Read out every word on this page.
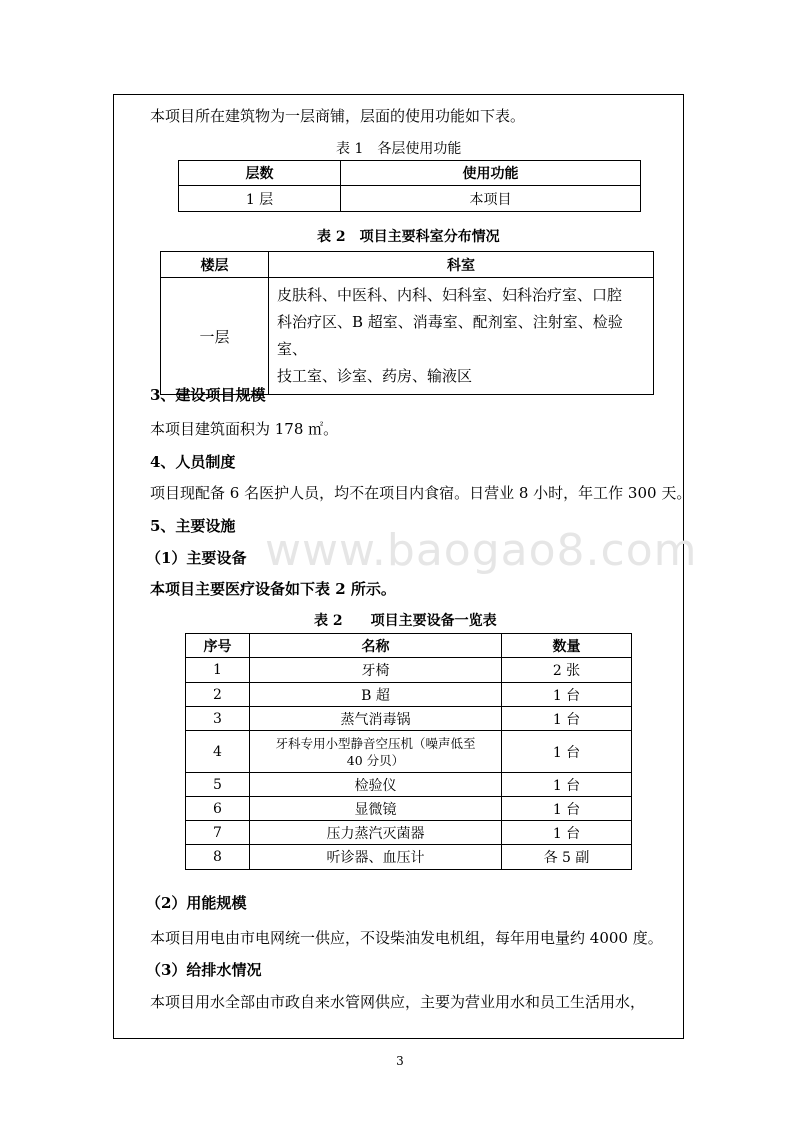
www.baogao8.com
本项目所在建筑物为一层商铺，层面的使用功能如下表。
表 1　各层使用功能
层数	使用功能
1 层	本项目
表 2　项目主要科室分布情况
楼层	科室
一层	皮肤科、中医科、内科、妇科室、妇科治疗室、口腔
科治疗区、B 超室、消毒室、配剂室、注射室、检验室、
技工室、诊室、药房、输液区
3、建设项目规模
本项目建筑面积为 178 ㎡。
4、人员制度
项目现配备 6 名医护人员，均不在项目内食宿。日营业 8 小时，年工作 300 天。
5、主要设施
（1）主要设备
本项目主要医疗设备如下表 2 所示。
表 2　　项目主要设备一览表
序号	名称	数量
1	牙椅	2 张
2	B 超	1 台
3	蒸气消毒锅	1 台
4	牙科专用小型静音空压机（噪声低至 40 分贝）	1 台
5	检验仪	1 台
6	显微镜	1 台
7	压力蒸汽灭菌器	1 台
8	听诊器、血压计	各 5 副
（2）用能规模
本项目用电由市电网统一供应，不设柴油发电机组，每年用电量约 4000 度。
（3）给排水情况
本项目用水全部由市政自来水管网供应，主要为营业用水和员工生活用水，
3
